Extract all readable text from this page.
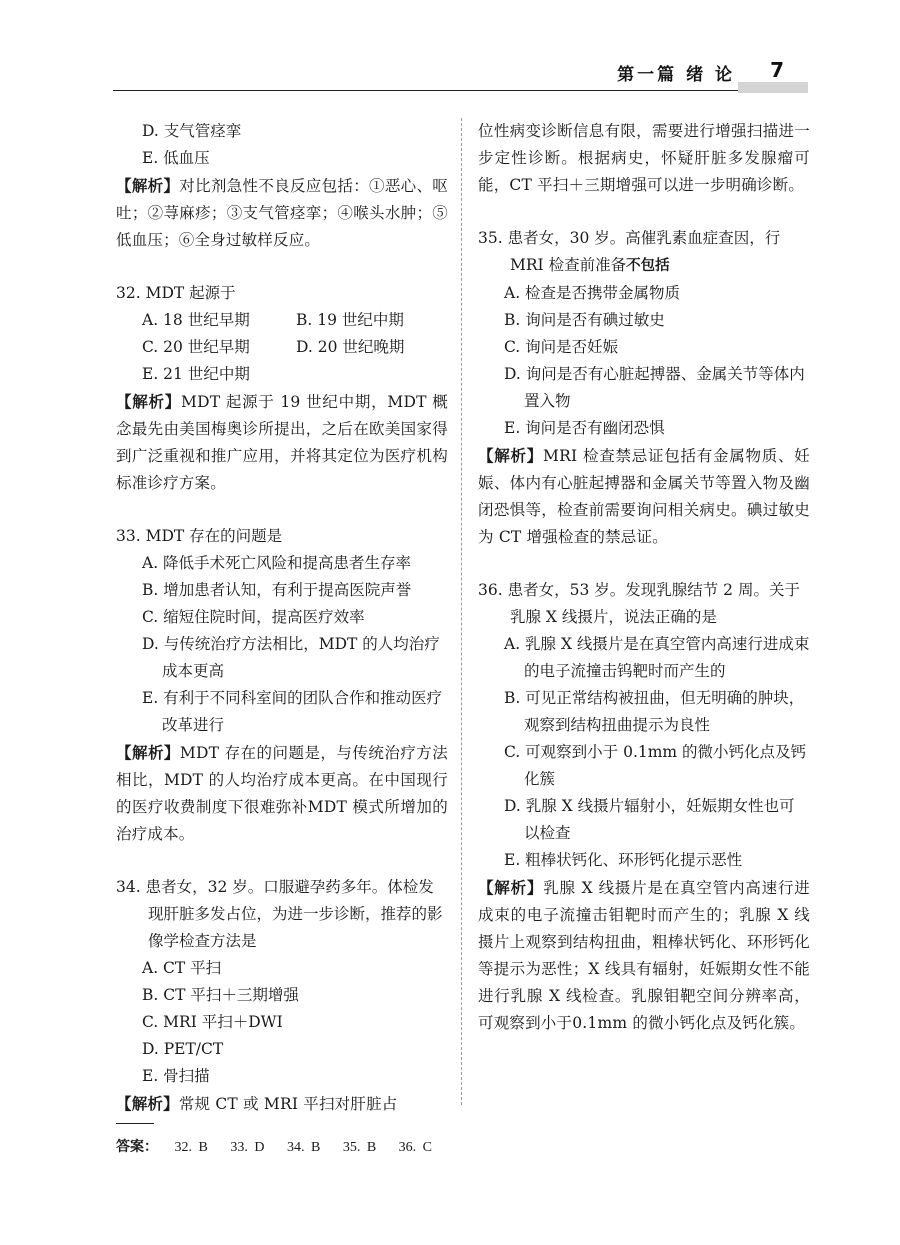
第一篇 绪 论 7

D. 支气管痉挛

E. 低血压

【解析】对比剂急性不良反应包括：①恶心、呕吐；②荨麻疹；③支气管痉挛；④喉头水肿；⑤低血压；⑥全身过敏样反应。

32. MDT 起源于

A. 18 世纪早期	B. 19 世纪中期
C. 20 世纪早期	D. 20 世纪晚期

E. 21 世纪中期

【解析】MDT 起源于 19 世纪中期，MDT 概念最先由美国梅奥诊所提出，之后在欧美国家得到广泛重视和推广应用，并将其定位为医疗机构标准诊疗方案。

33. MDT 存在的问题是

A. 降低手术死亡风险和提高患者生存率

B. 增加患者认知，有利于提高医院声誉

C. 缩短住院时间，提高医疗效率

D. 与传统治疗方法相比，MDT 的人均治疗成本更高

E. 有利于不同科室间的团队合作和推动医疗改革进行

【解析】MDT 存在的问题是，与传统治疗方法相比，MDT 的人均治疗成本更高。在中国现行的医疗收费制度下很难弥补MDT 模式所增加的治疗成本。

34. 患者女，32 岁。口服避孕药多年。体检发现肝脏多发占位，为进一步诊断，推荐的影像学检查方法是

A. CT 平扫

B. CT 平扫＋三期增强

C. MRI 平扫＋DWI

D. PET/CT

E. 骨扫描

【解析】常规 CT 或 MRI 平扫对肝脏占

位性病变诊断信息有限，需要进行增强扫描进一步定性诊断。根据病史，怀疑肝脏多发腺瘤可能，CT 平扫＋三期增强可以进一步明确诊断。

35. 患者女，30 岁。高催乳素血症查因，行MRI 检查前准备不包括

A. 检查是否携带金属物质

B. 询问是否有碘过敏史

C. 询问是否妊娠

D. 询问是否有心脏起搏器、金属关节等体内置入物

E. 询问是否有幽闭恐惧

【解析】MRI 检查禁忌证包括有金属物质、妊娠、体内有心脏起搏器和金属关节等置入物及幽闭恐惧等，检查前需要询问相关病史。碘过敏史为 CT 增强检查的禁忌证。

36. 患者女，53 岁。发现乳腺结节 2 周。关于乳腺 X 线摄片，说法正确的是

A. 乳腺 X 线摄片是在真空管内高速行进成束的电子流撞击钨靶时而产生的

B. 可见正常结构被扭曲，但无明确的肿块，观察到结构扭曲提示为良性

C. 可观察到小于 0.1mm 的微小钙化点及钙化簇

D. 乳腺 X 线摄片辐射小，妊娠期女性也可以检查

E. 粗棒状钙化、环形钙化提示恶性

【解析】乳腺 X 线摄片是在真空管内高速行进成束的电子流撞击钼靶时而产生的；乳腺 X 线摄片上观察到结构扭曲，粗棒状钙化、环形钙化等提示为恶性；X 线具有辐射，妊娠期女性不能进行乳腺 X 线检查。乳腺钼靶空间分辨率高，可观察到小于0.1mm 的微小钙化点及钙化簇。

答案： 32. B 33. D 34. B 35. B 36. C
